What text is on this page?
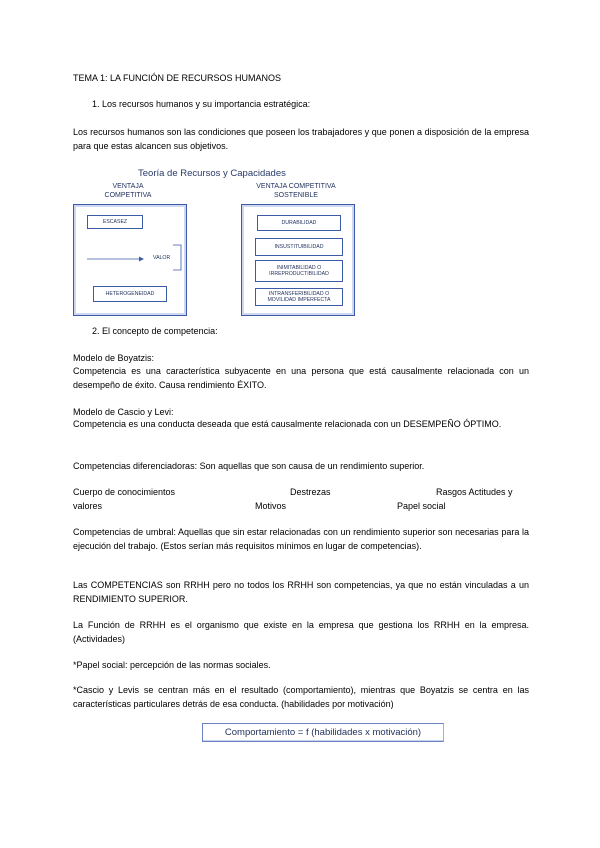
TEMA 1: LA FUNCIÓN DE RECURSOS HUMANOS
1. Los recursos humanos y su importancia estratégica:
Los recursos humanos son las condiciones que poseen los trabajadores y que ponen a disposición de la empresa para que estas alcancen sus objetivos.
Teoría de Recursos y Capacidades
VENTAJA
COMPETITIVA
VENTAJA COMPETITIVA
SOSTENIBLE
ESCASEZ
VALOR
HETEROGENEIDAD
DURABILIDAD
INSUSTITUIBILIDAD
INIMITABILIDAD O IRREPRODUCTIBILIDAD
INTRANSFERIBILIDAD O MOVILIDAD IMPERFECTA
2. El concepto de competencia:
Modelo de Boyatzis:
Competencia es una característica subyacente en una persona que está causalmente relacionada con un desempeño de éxito. Causa rendimiento ÉXITO.
Modelo de Cascio y Levi:
Competencia es una conducta deseada que está causalmente relacionada con un DESEMPEÑO ÓPTIMO.
Competencias diferenciadoras: Son aquellas que son causa de un rendimiento superior.
Cuerpo de conocimientos	Destrezas	Rasgos Actitudes y
valores	Motivos	Papel social
Competencias de umbral: Aquellas que sin estar relacionadas con un rendimiento superior son necesarias para la ejecución del trabajo. (Estos serían más requisitos mínimos en lugar de competencias).
Las COMPETENCIAS son RRHH pero no todos los RRHH son competencias, ya que no están vinculadas a un RENDIMIENTO SUPERIOR.
La Función de RRHH es el organismo que existe en la empresa que gestiona los RRHH en la empresa. (Actividades)
*Papel social: percepción de las normas sociales.
*Cascio y Levis se centran más en el resultado (comportamiento), mientras que Boyatzis se centra en las características particulares detrás de esa conducta. (habilidades por motivación)
Comportamiento = f (habilidades x motivación)
